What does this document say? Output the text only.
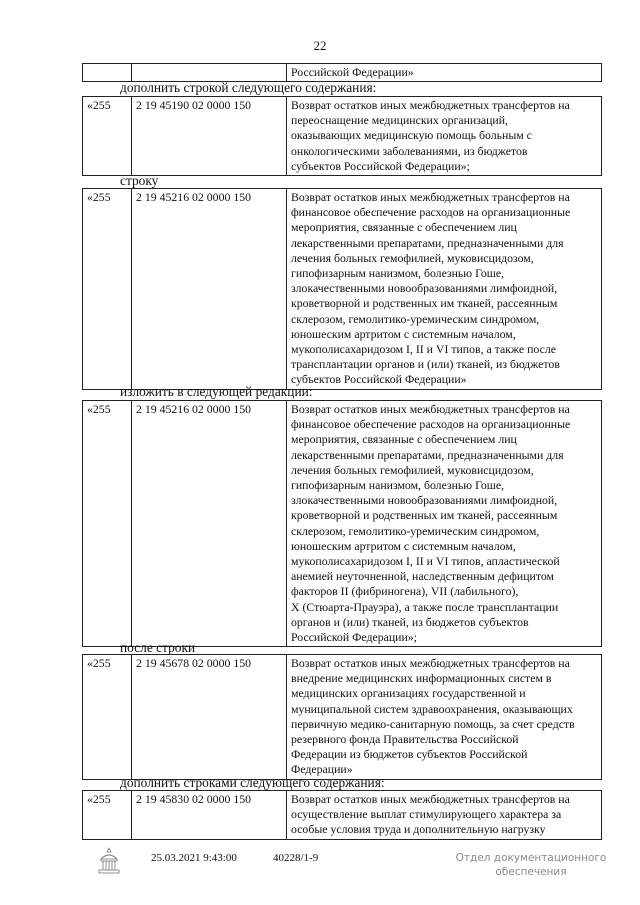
22
		Российской Федерации»
дополнить строкой следующего содержания:
«255	2 19 45190 02 0000 150	Возврат остатков иных межбюджетных трансфертов на
переоснащение медицинских организаций,
оказывающих медицинскую помощь больным с
онкологическими заболеваниями, из бюджетов
субъектов Российской Федерации»;
строку
«255	2 19 45216 02 0000 150	Возврат остатков иных межбюджетных трансфертов на
финансовое обеспечение расходов на организационные
мероприятия, связанные с обеспечением лиц
лекарственными препаратами, предназначенными для
лечения больных гемофилией, муковисцидозом,
гипофизарным нанизмом, болезнью Гоше,
злокачественными новообразованиями лимфоидной,
кроветворной и родственных им тканей, рассеянным
склерозом, гемолитико-уремическим синдромом,
юношеским артритом с системным началом,
мукополисахаридозом I, II и VI типов, а также после
трансплантации органов и (или) тканей, из бюджетов
субъектов Российской Федерации»
изложить в следующей редакции:
«255	2 19 45216 02 0000 150	Возврат остатков иных межбюджетных трансфертов на
финансовое обеспечение расходов на организационные
мероприятия, связанные с обеспечением лиц
лекарственными препаратами, предназначенными для
лечения больных гемофилией, муковисцидозом,
гипофизарным нанизмом, болезнью Гоше,
злокачественными новообразованиями лимфоидной,
кроветворной и родственных им тканей, рассеянным
склерозом, гемолитико-уремическим синдромом,
юношеским артритом с системным началом,
мукополисахаридозом I, II и VI типов, апластической
анемией неуточненной, наследственным дефицитом
факторов II (фибриногена), VII (лабильного),
X (Стюарта-Прауэра), а также после трансплантации
органов и (или) тканей, из бюджетов субъектов
Российской Федерации»;
после строки
«255	2 19 45678 02 0000 150	Возврат остатков иных межбюджетных трансфертов на
внедрение медицинских информационных систем в
медицинских организациях государственной и
муниципальной систем здравоохранения, оказывающих
первичную медико-санитарную помощь, за счет средств
резервного фонда Правительства Российской
Федерации из бюджетов субъектов Российской
Федерации»
дополнить строками следующего содержания:
«255	2 19 45830 02 0000 150	Возврат остатков иных межбюджетных трансфертов на
осуществление выплат стимулирующего характера за
особые условия труда и дополнительную нагрузку
25.03.2021 9:43:00	40228/1-9	Отдел документационного
обеспечения
